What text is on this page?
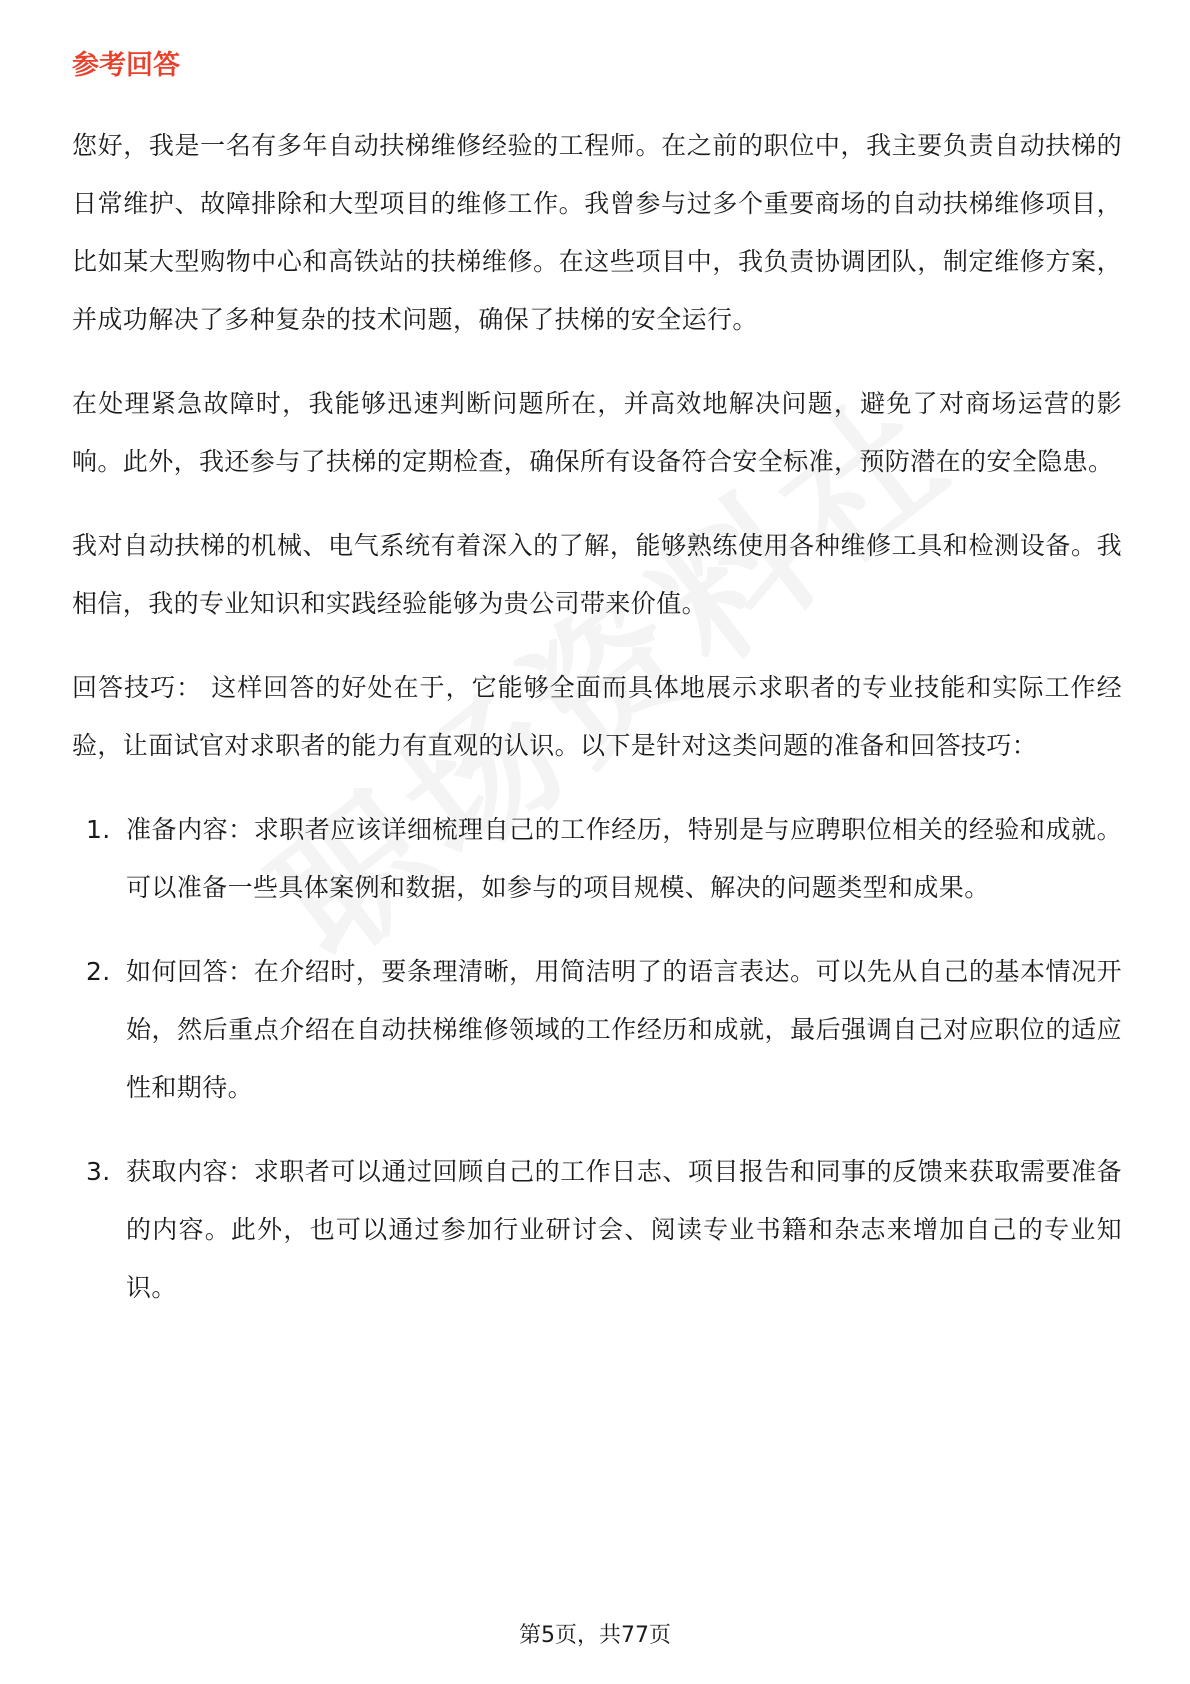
参考回答

您好，我是一名有多年自动扶梯维修经验的工程师。在之前的职位中，我主要负责自动扶梯的日常维护、故障排除和大型项目的维修工作。我曾参与过多个重要商场的自动扶梯维修项目，比如某大型购物中心和高铁站的扶梯维修。在这些项目中，我负责协调团队，制定维修方案，并成功解决了多种复杂的技术问题，确保了扶梯的安全运行。

在处理紧急故障时，我能够迅速判断问题所在，并高效地解决问题，避免了对商场运营的影响。此外，我还参与了扶梯的定期检查，确保所有设备符合安全标准，预防潜在的安全隐患。

我对自动扶梯的机械、电气系统有着深入的了解，能够熟练使用各种维修工具和检测设备。我相信，我的专业知识和实践经验能够为贵公司带来价值。

回答技巧： 这样回答的好处在于，它能够全面而具体地展示求职者的专业技能和实际工作经验，让面试官对求职者的能力有直观的认识。以下是针对这类问题的准备和回答技巧：

1. 准备内容：求职者应该详细梳理自己的工作经历，特别是与应聘职位相关的经验和成就。可以准备一些具体案例和数据，如参与的项目规模、解决的问题类型和成果。
2. 如何回答：在介绍时，要条理清晰，用简洁明了的语言表达。可以先从自己的基本情况开始，然后重点介绍在自动扶梯维修领域的工作经历和成就，最后强调自己对应职位的适应性和期待。
3. 获取内容：求职者可以通过回顾自己的工作日志、项目报告和同事的反馈来获取需要准备的内容。此外，也可以通过参加行业研讨会、阅读专业书籍和杂志来增加自己的专业知识。
第5页，共77页
